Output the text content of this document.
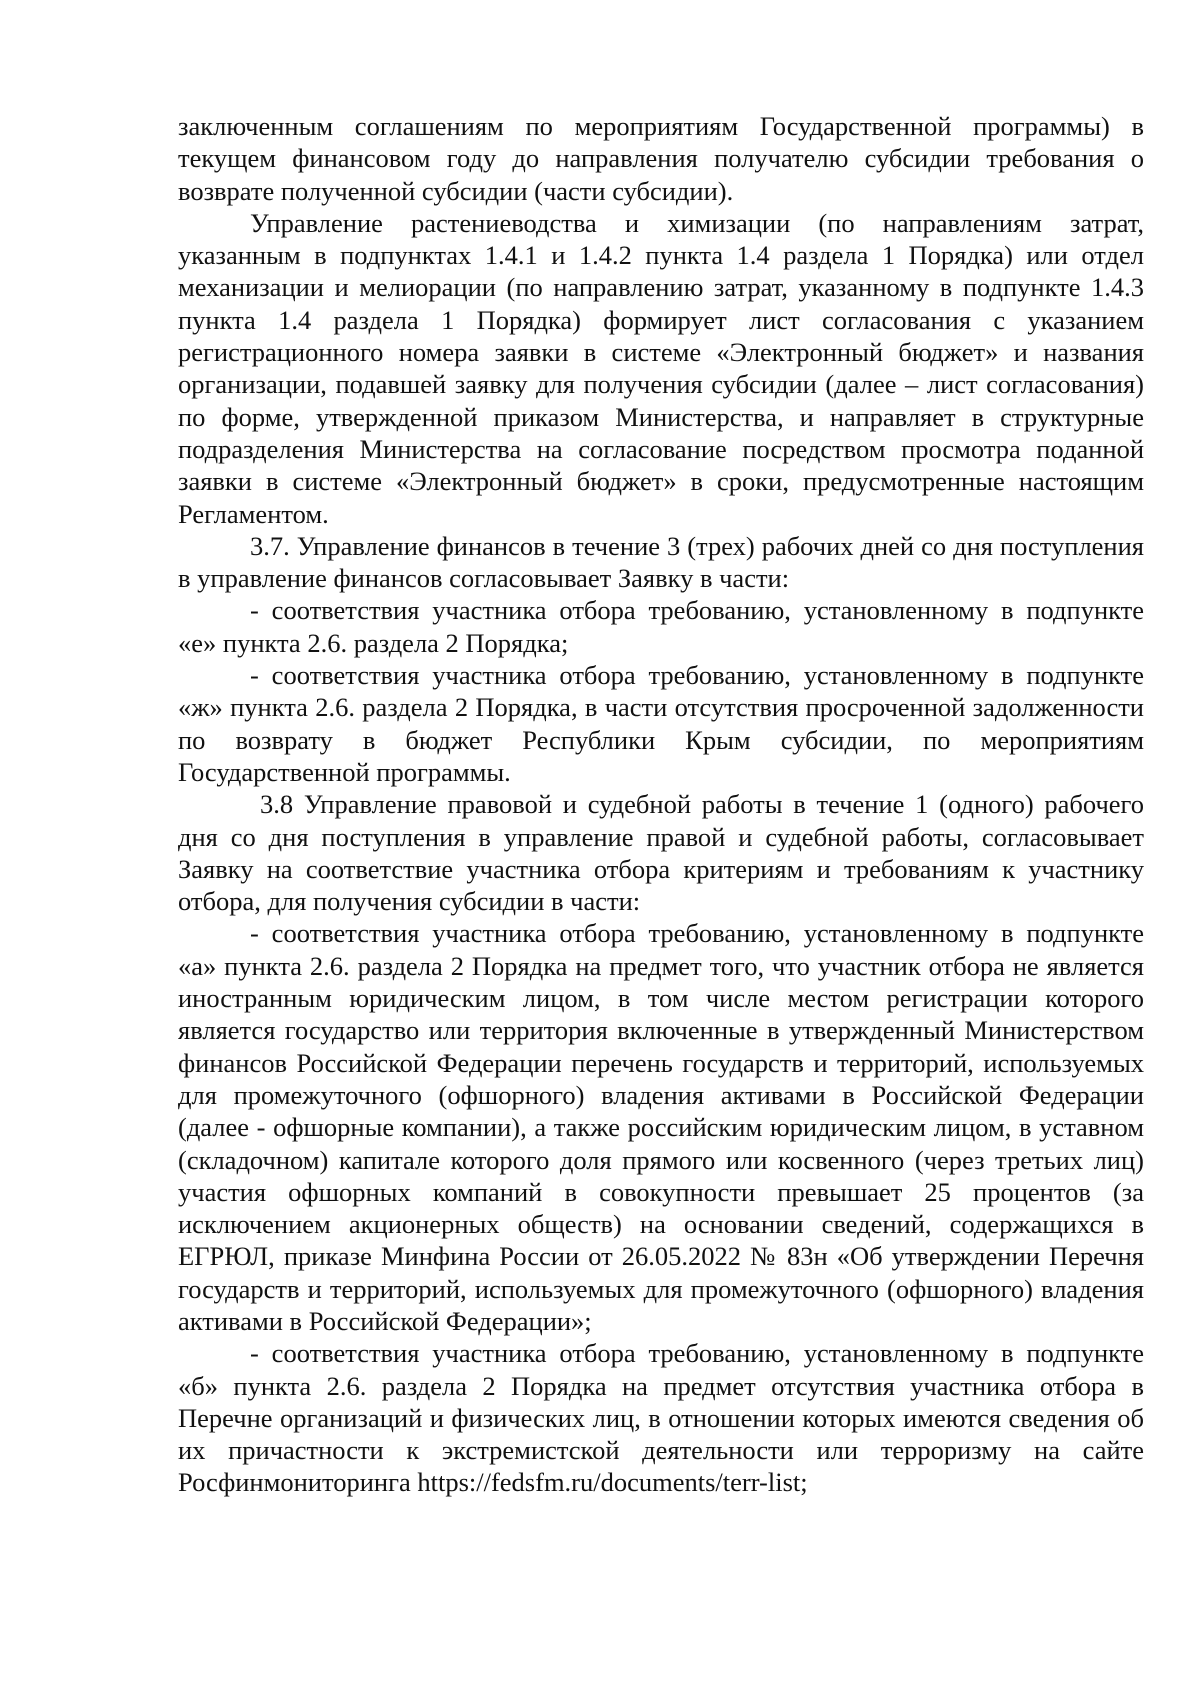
заключенным соглашениям по мероприятиям Государственной программы) в текущем финансовом году до направления получателю субсидии требования о возврате полученной субсидии (части субсидии).

Управление растениеводства и химизации (по направлениям затрат, указанным в подпунктах 1.4.1 и 1.4.2 пункта 1.4 раздела 1 Порядка) или отдел механизации и мелиорации (по направлению затрат, указанному в подпункте 1.4.3 пункта 1.4 раздела 1 Порядка) формирует лист согласования с указанием регистрационного номера заявки в системе «Электронный бюджет» и названия организации, подавшей заявку для получения субсидии (далее – лист согласования) по форме, утвержденной приказом Министерства, и направляет в структурные подразделения Министерства на согласование посредством просмотра поданной заявки в системе «Электронный бюджет» в сроки, предусмотренные настоящим Регламентом.

3.7. Управление финансов в течение 3 (трех) рабочих дней со дня поступления в управление финансов согласовывает Заявку в части:

- соответствия участника отбора требованию, установленному в подпункте «е» пункта 2.6. раздела 2 Порядка;

- соответствия участника отбора требованию, установленному в подпункте «ж» пункта 2.6. раздела 2 Порядка, в части отсутствия просроченной задолженности по возврату в бюджет Республики Крым субсидии, по мероприятиям Государственной программы.

3.8 Управление правовой и судебной работы в течение 1 (одного) рабочего дня со дня поступления в управление правой и судебной работы, согласовывает Заявку на соответствие участника отбора критериям и требованиям к участнику отбора, для получения субсидии в части:

- соответствия участника отбора требованию, установленному в подпункте «а» пункта 2.6. раздела 2 Порядка на предмет того, что участник отбора не является иностранным юридическим лицом, в том числе местом регистрации которого является государство или территория включенные в утвержденный Министерством финансов Российской Федерации перечень государств и территорий, используемых для промежуточного (офшорного) владения активами в Российской Федерации (далее - офшорные компании), а также российским юридическим лицом, в уставном (складочном) капитале которого доля прямого или косвенного (через третьих лиц) участия офшорных компаний в совокупности превышает 25 процентов (за исключением акционерных обществ) на основании сведений, содержащихся в ЕГРЮЛ, приказе Минфина России от 26.05.2022 № 83н «Об утверждении Перечня государств и территорий, используемых для промежуточного (офшорного) владения активами в Российской Федерации»;

- соответствия участника отбора требованию, установленному в подпункте «б» пункта 2.6. раздела 2 Порядка на предмет отсутствия участника отбора в Перечне организаций и физических лиц, в отношении которых имеются сведения об их причастности к экстремистской деятельности или терроризму на сайте Росфинмониторинга https://fedsfm.ru/documents/terr-list;
